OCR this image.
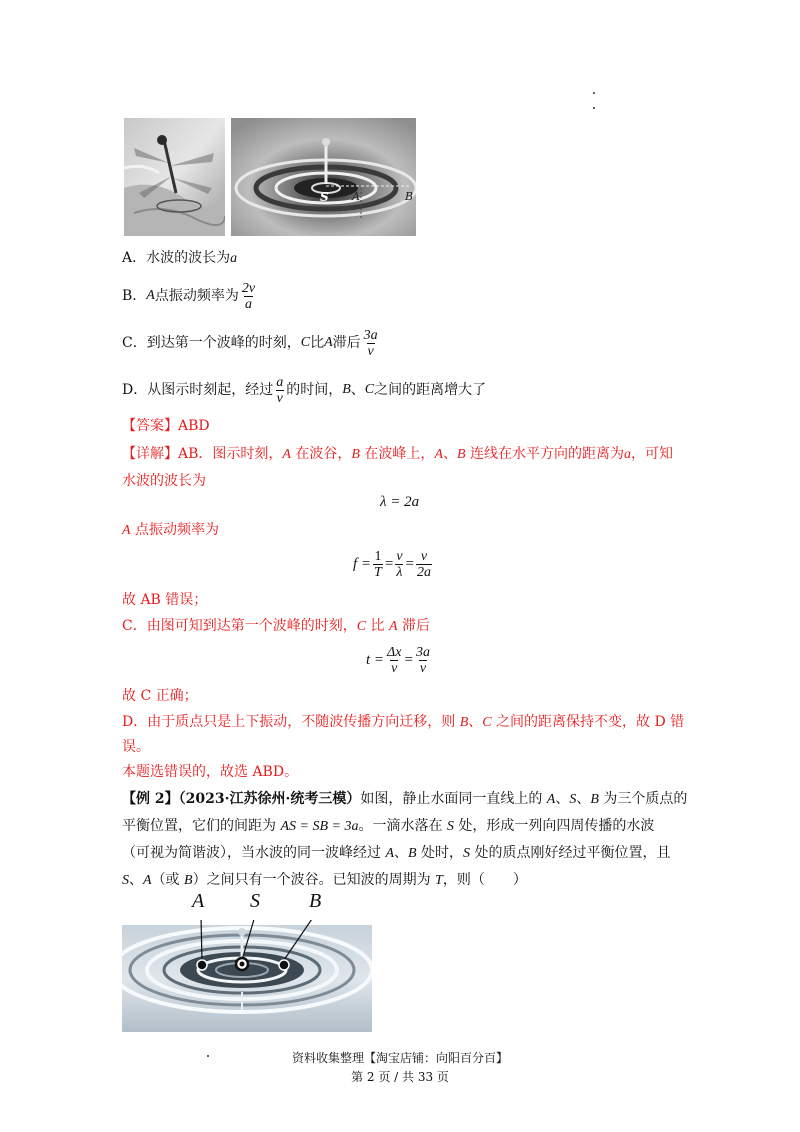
S A	B
A．水波的波长为a
B． A 点振动频率为 $\frac{2v}{a}$
C．到达第一个波峰的时刻， C 比 A 滞后 $\frac{3a}{v}$
D．从图示时刻起，经过 $\frac{a}{v}$ 的时间， B 、 C 之间的距离增大了
【答案】ABD
【详解】AB．图示时刻，A 在波谷，B 在波峰上，A、B 连线在水平方向的距离为a，可知
水波的波长为
λ = 2a
A 点振动频率为
$f = \frac{1}{T} = \frac{v}{\lambda} = \frac{v}{2a}$
故 AB 错误；
C．由图可知到达第一个波峰的时刻，C 比 A 滞后
$t = \frac{\Delta x}{v} = \frac{3a}{v}$
故 C 正确；
D．由于质点只是上下振动，不随波传播方向迁移，则 B、C 之间的距离保持不变，故 D 错
误。
本题选错误的，故选 ABD。
【例 2】（2023·江苏徐州·统考三模）如图，静止水面同一直线上的 A、S、B 为三个质点的
平衡位置，它们的间距为 AS = SB = 3a。一滴水落在 S 处，形成一列向四周传播的水波
（可视为简谐波），当水波的同一波峰经过 A、B 处时，S 处的质点刚好经过平衡位置，且
S、A（或 B）之间只有一个波谷。已知波的周期为 T，则（　　）
A S B
资料收集整理【淘宝店铺：向阳百分百】
第 2 页 / 共 33 页
